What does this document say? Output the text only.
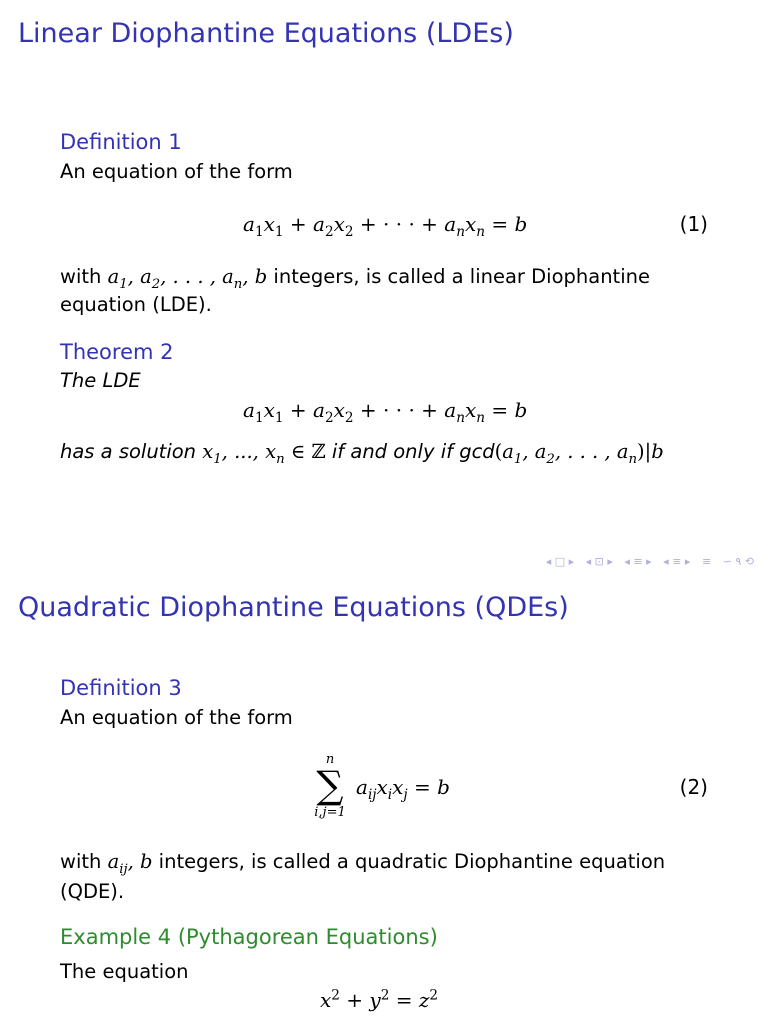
Linear Diophantine Equations (LDEs)
Definition 1
An equation of the form
$a_1x_1 + a_2x_2$ + · · · + $a_nx_n = b$	(1)
with $a_1$, $a_2$, . . . , $a_n$, b integers, is called a linear Diophantine
equation (LDE).
Theorem 2
The LDE
$a_1x_1 + a_2x_2$ + · · · + $a_nx_n = b$
has a solution $x_1$, ..., $x_n$ ∈ ℤ if and only if $\gcd(a_1$, $a_2$, . . . , $a_n)|b$
◂ □ ▸ ◂ ⊡ ▸ ◂ ≡ ▸ ◂ ≡ ▸ ≡ ∽ ۹ ⟲
Quadratic Diophantine Equations (QDEs)
Definition 3
An equation of the form
n
∑
i,j=1
$a_{ij}x_ix_j = b$	(2)
with $a_{ij}$, b integers, is called a quadratic Diophantine equation
(QDE).
Example 4 (Pythagorean Equations)
The equation
$x^2 + y^2 = z^2$
